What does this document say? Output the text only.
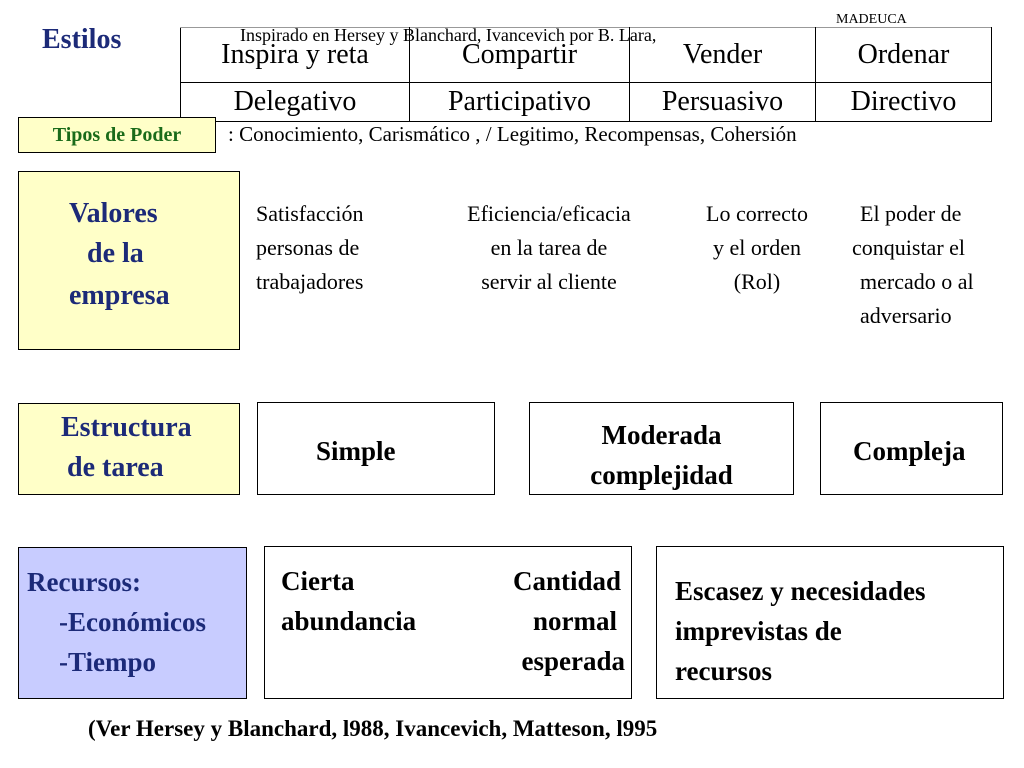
Estilos
MADEUCA
Inspirado en Hersey y Blanchard, Ivancevich por B. Lara,
Inspira y reta	Compartir	Vender	Ordenar
Delegativo	Participativo	Persuasivo	Directivo
Tipos de Poder	: Conocimiento, Carismático , / Legitimo, Recompensas, Cohersión
Valores
de la
empresa
Satisfacción
personas de
trabajadores
Eficiencia/eficacia
en la tarea de
servir al cliente
Lo correcto
y el orden
(Rol)
El poder de
conquistar el
mercado o al
adversario
Estructura
de tarea
Simple
Moderada
complejidad
Compleja
Recursos:
-Económicos
-Tiempo
Cierta	Cantidad
abundancia	normal
esperada
Escasez y necesidades
imprevistas de
recursos
(Ver Hersey y Blanchard, l988, Ivancevich, Matteson, l995
